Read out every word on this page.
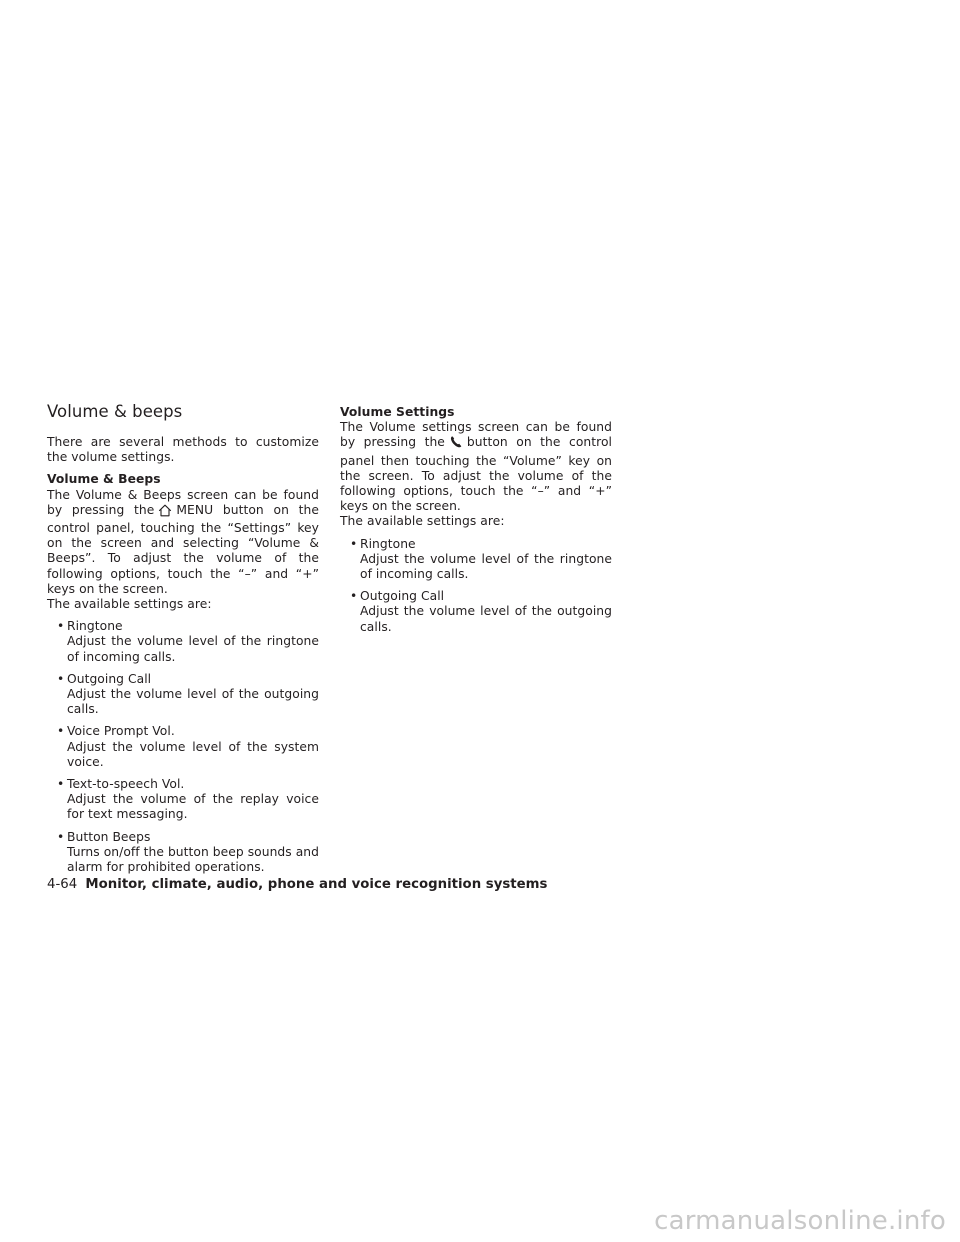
Volume & beeps

There are several methods to customize the volume settings.

Volume & Beeps

The Volume & Beeps screen can be found by pressing the MENU button on the control panel, touching the “Settings” key on the screen and selecting “Volume & Beeps”. To adjust the volume of the following options, touch the “–” and “+” keys on the screen.

The available settings are:

• Ringtone
Adjust the volume level of the ringtone of incoming calls.
• Outgoing Call
Adjust the volume level of the outgoing calls.
• Voice Prompt Vol.
Adjust the volume level of the system voice.
• Text-to-speech Vol.
Adjust the volume of the replay voice for text messaging.
• Button Beeps
Turns on/off the button beep sounds and alarm for prohibited operations.

Volume Settings

The Volume settings screen can be found by pressing the button on the control panel then touching the “Volume” key on the screen. To adjust the volume of the following options, touch the “–” and “+” keys on the screen.

The available settings are:

• Ringtone
Adjust the volume level of the ringtone of incoming calls.
• Outgoing Call
Adjust the volume level of the outgoing calls.
4-64 Monitor, climate, audio, phone and voice recognition systems
carmanualsonline.info
